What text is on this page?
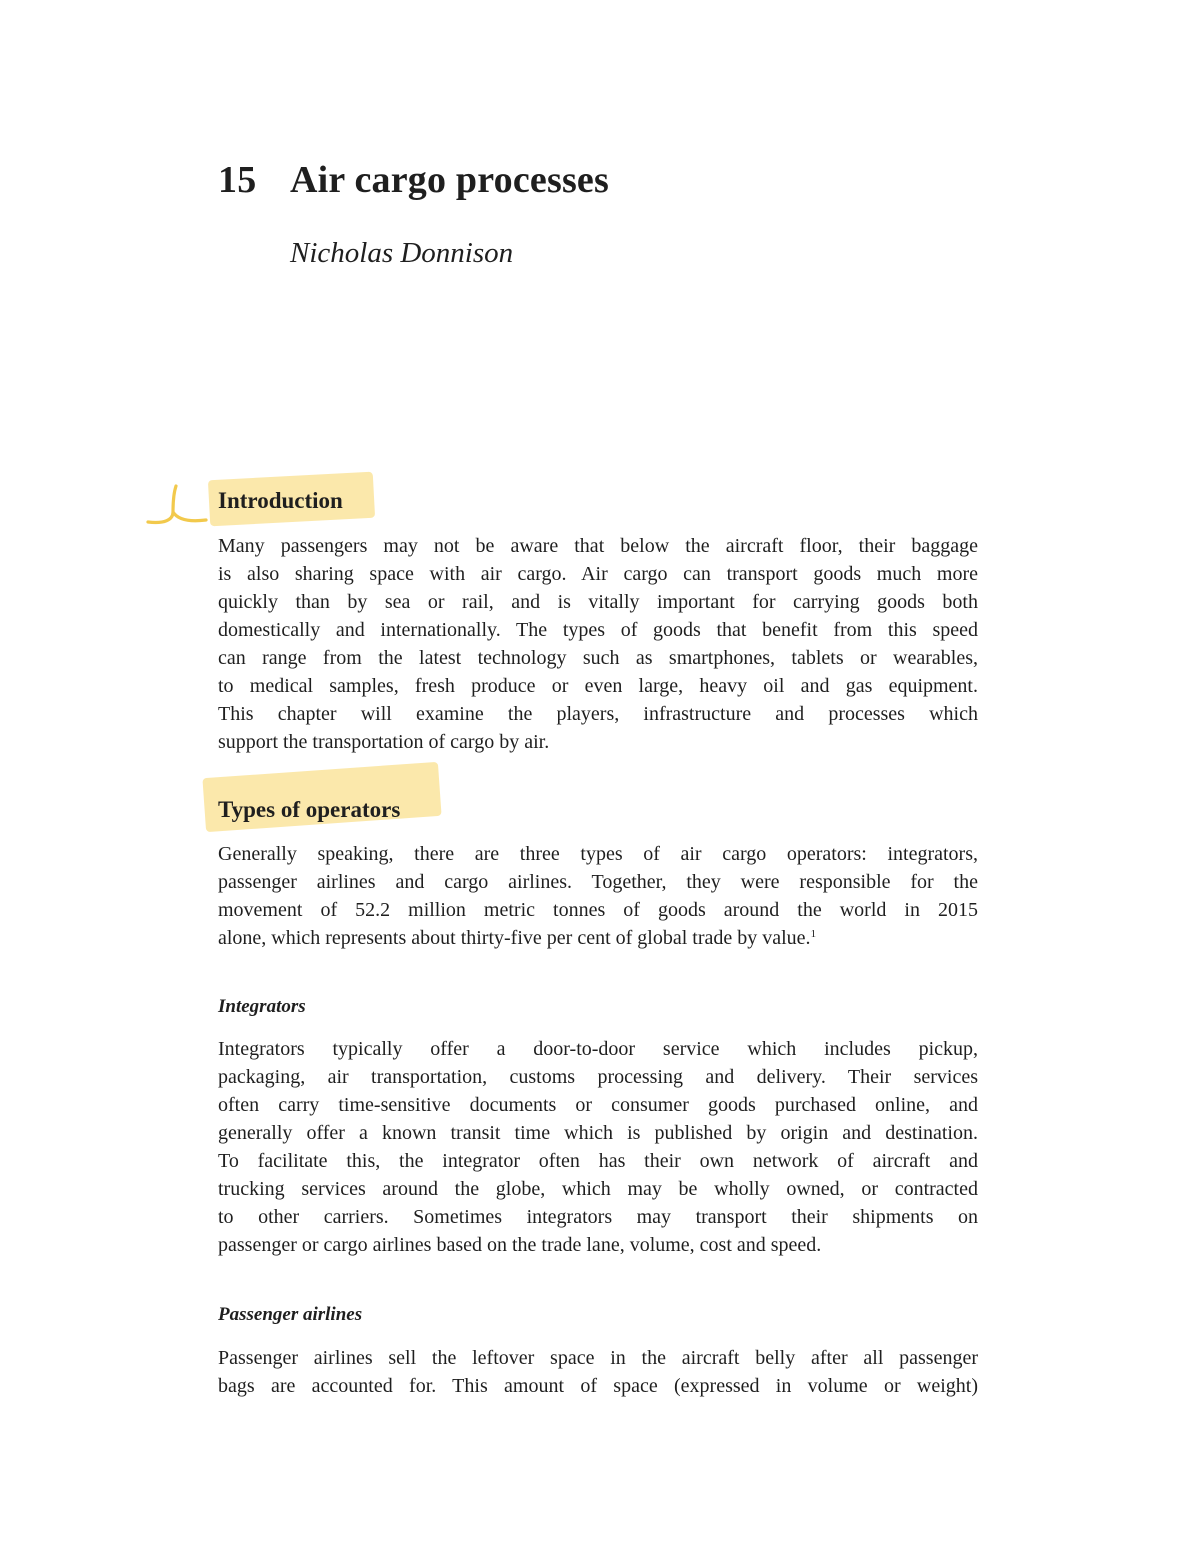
15 Air cargo processes
Nicholas Donnison
Introduction
Many passengers may not be aware that below the aircraft floor, their baggage
is also sharing space with air cargo. Air cargo can transport goods much more
quickly than by sea or rail, and is vitally important for carrying goods both
domestically and internationally. The types of goods that benefit from this speed
can range from the latest technology such as smartphones, tablets or wearables,
to medical samples, fresh produce or even large, heavy oil and gas equipment.
This chapter will examine the players, infrastructure and processes which
support the transportation of cargo by air.
Types of operators
Generally speaking, there are three types of air cargo operators: integrators,
passenger airlines and cargo airlines. Together, they were responsible for the
movement of 52.2 million metric tonnes of goods around the world in 2015
alone, which represents about thirty-five per cent of global trade by value.$^1$
Integrators
Integrators typically offer a door-to-door service which includes pickup,
packaging, air transportation, customs processing and delivery. Their services
often carry time-sensitive documents or consumer goods purchased online, and
generally offer a known transit time which is published by origin and destination.
To facilitate this, the integrator often has their own network of aircraft and
trucking services around the globe, which may be wholly owned, or contracted
to other carriers. Sometimes integrators may transport their shipments on
passenger or cargo airlines based on the trade lane, volume, cost and speed.
Passenger airlines
Passenger airlines sell the leftover space in the aircraft belly after all passenger
bags are accounted for. This amount of space (expressed in volume or weight)
